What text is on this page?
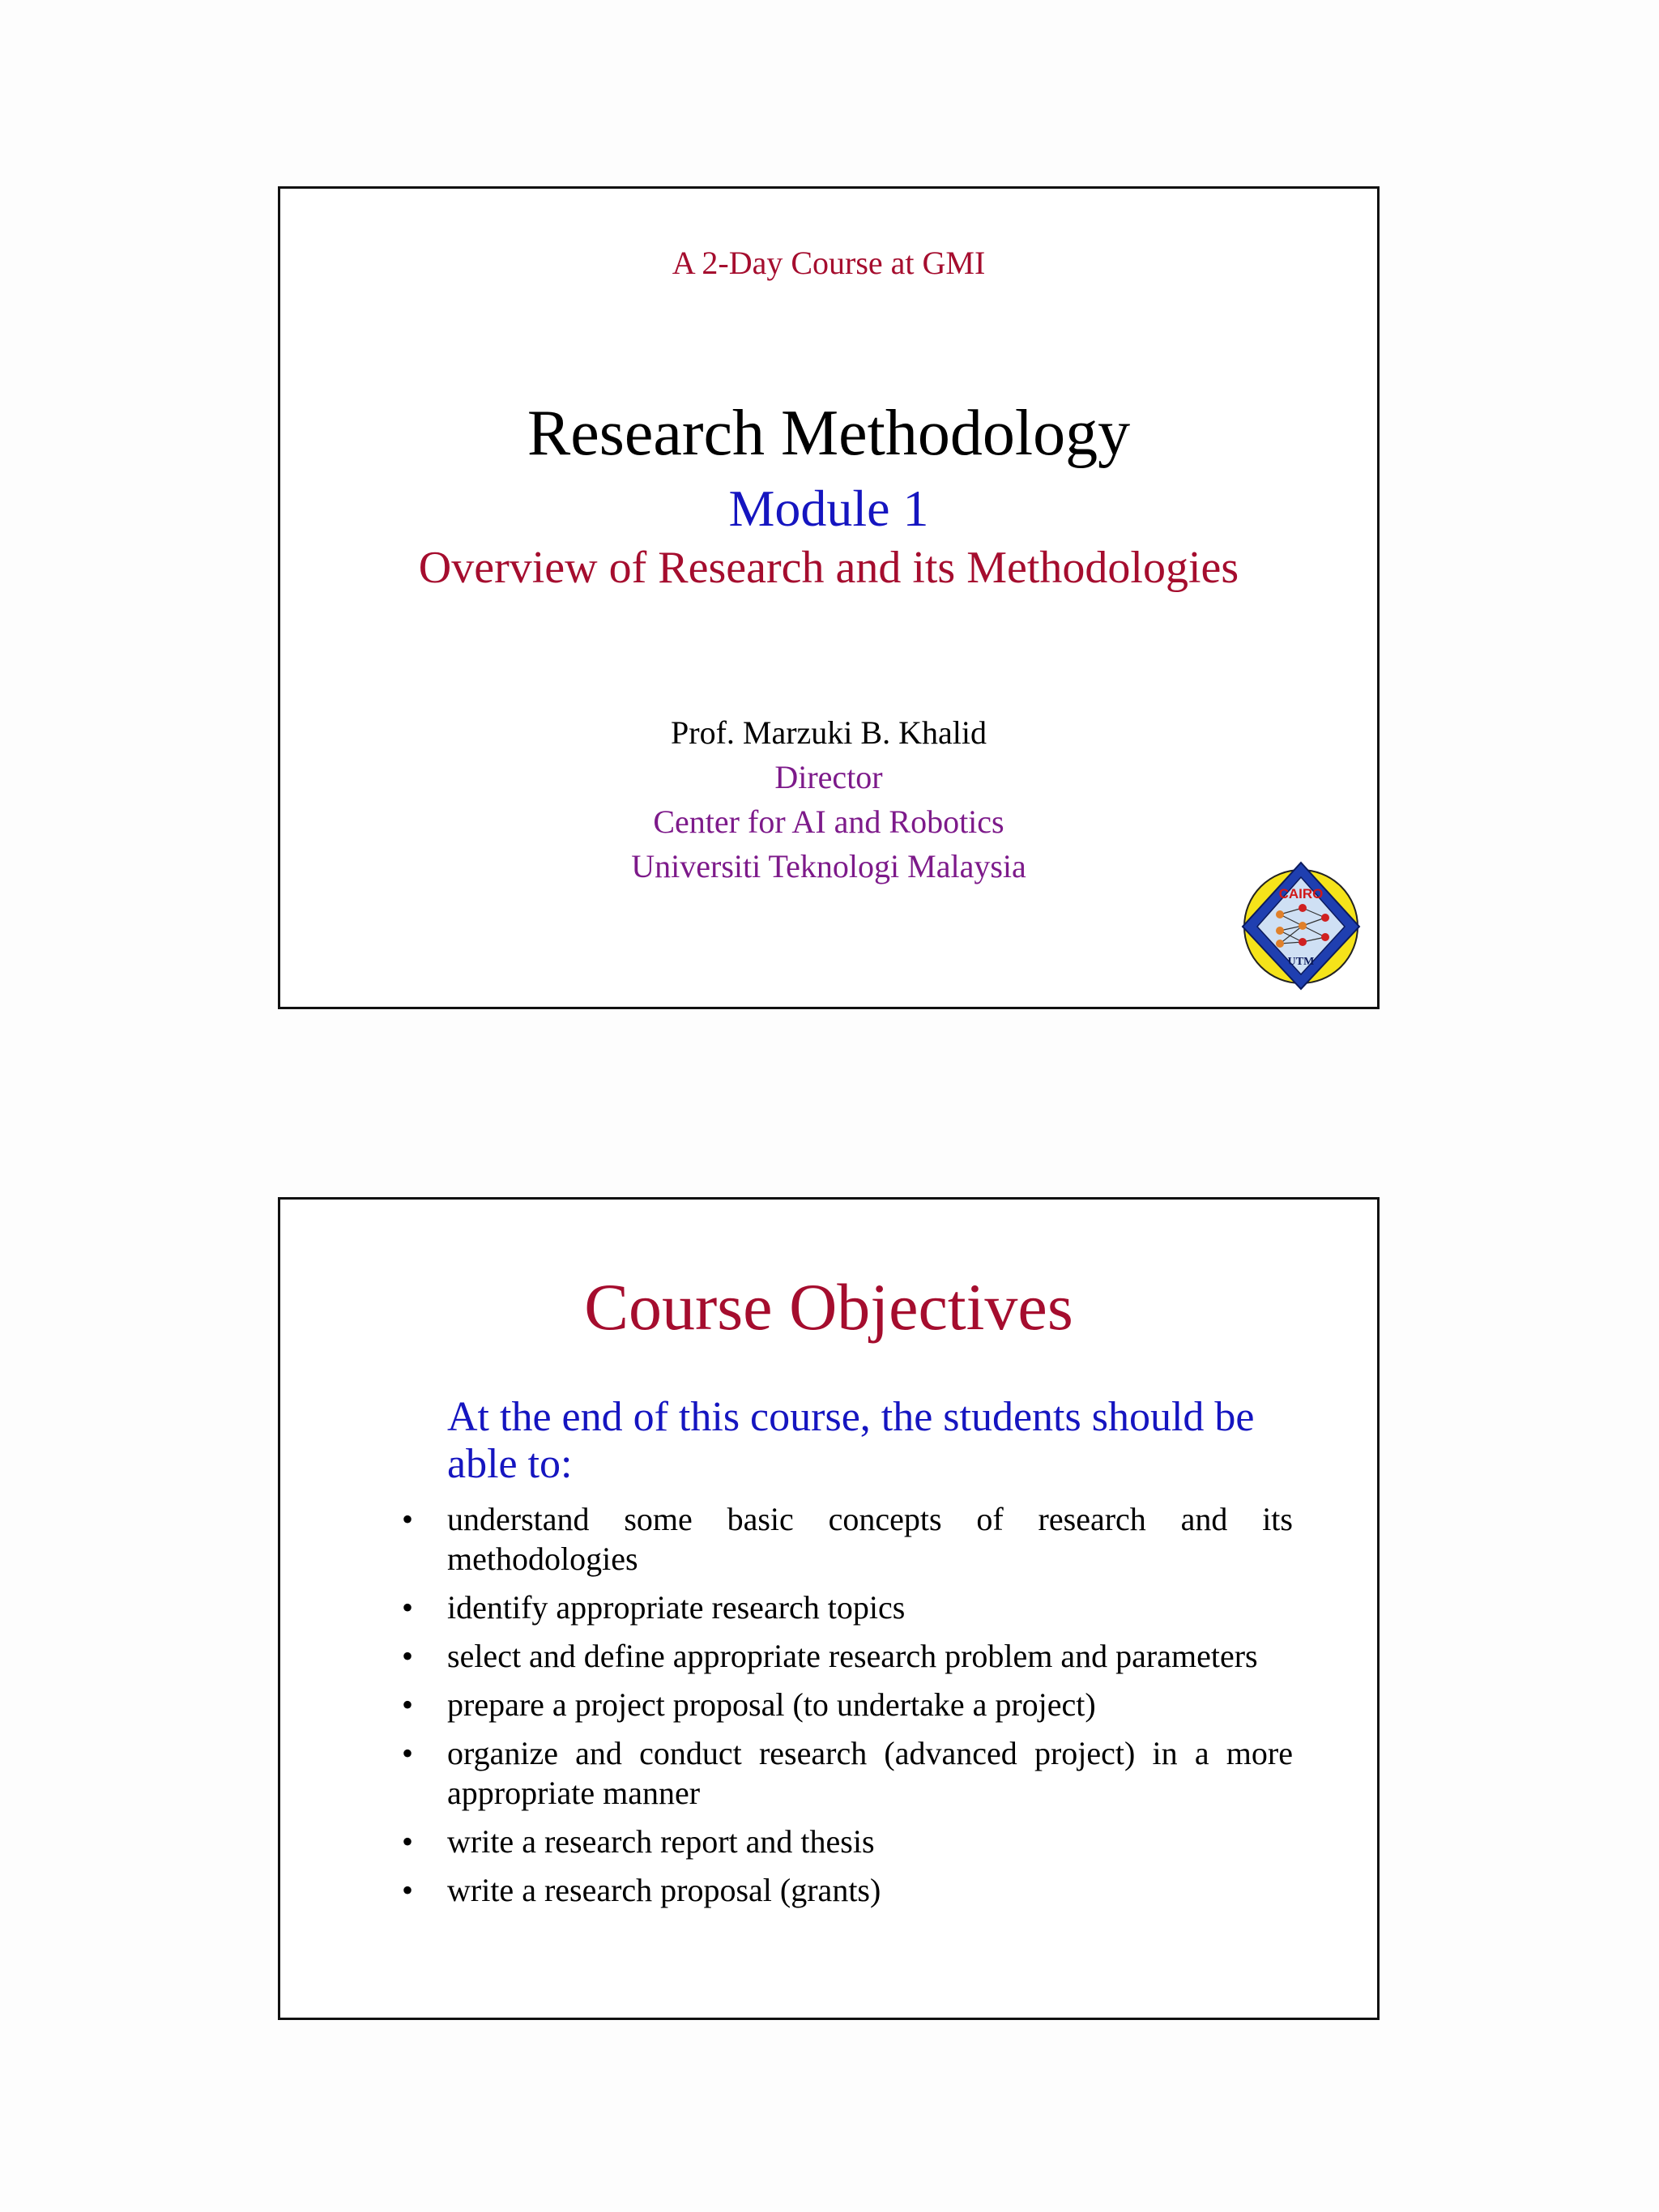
A 2-Day Course at GMI
Research Methodology
Module 1
Overview of Research and its Methodologies
Prof. Marzuki B. Khalid
Director
Center for AI and Robotics
Universiti Teknologi Malaysia
CAIRO
UTM
Course Objectives

At the end of this course, the students should be able to:

•	understand some basic concepts of research and its methodologies
•	identify appropriate research topics
•	select and define appropriate research problem and parameters
•	prepare a project proposal (to undertake a project)
•	organize and conduct research (advanced project) in a more appropriate manner
•	write a research report and thesis
•	write a research proposal (grants)
